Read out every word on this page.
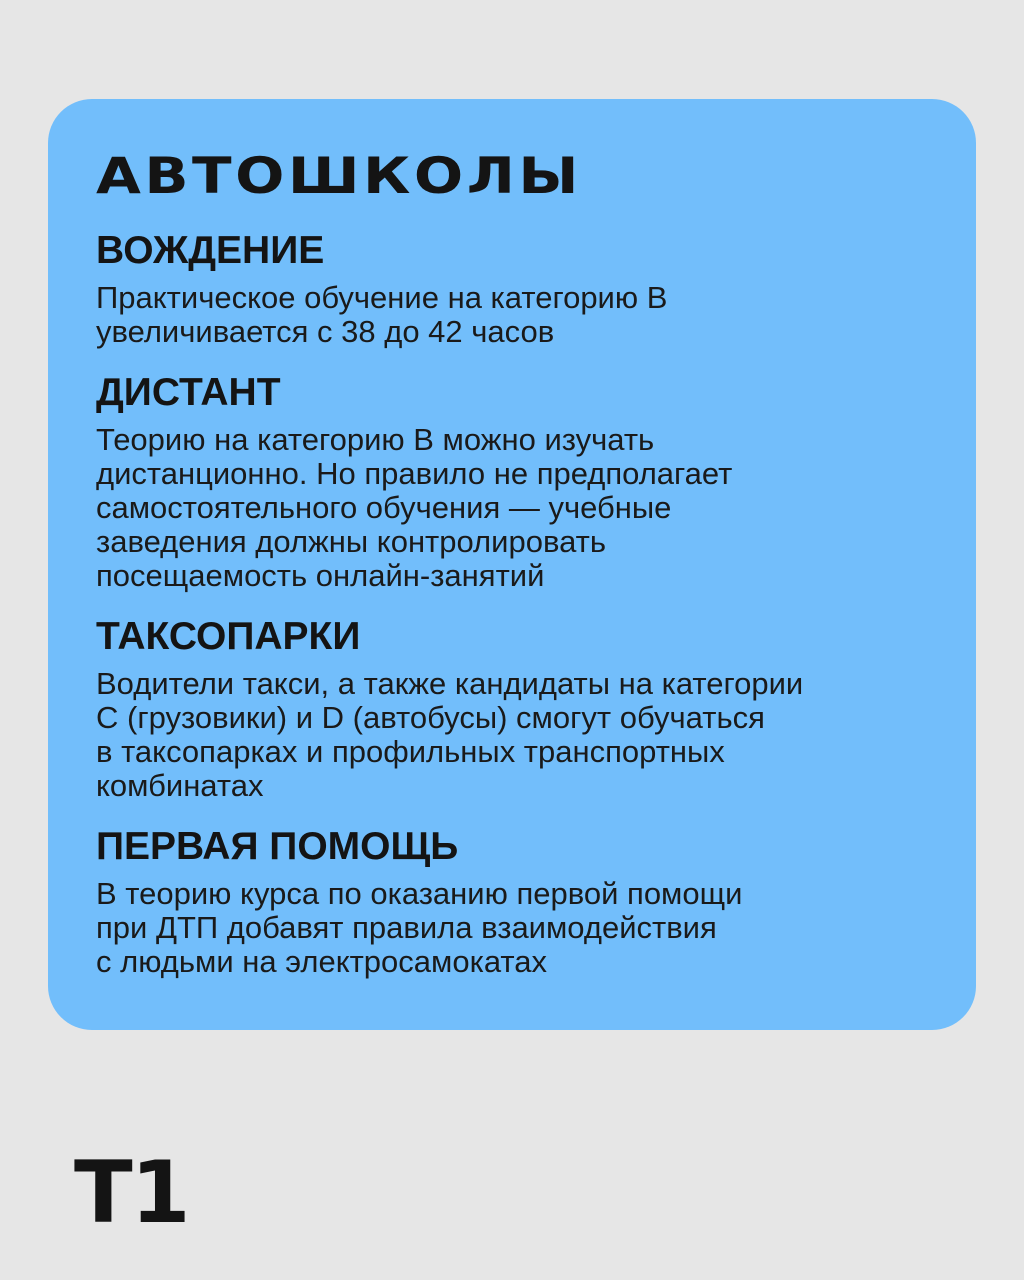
АВТОШКОЛЫ
ВОЖДЕНИЕ

Практическое обучение на категорию В
увеличивается с 38 до 42 часов

ДИСТАНТ

Теорию на категорию В можно изучать
дистанционно. Но правило не предполагает
самостоятельного обучения — учебные
заведения должны контролировать
посещаемость онлайн-занятий

ТАКСОПАРКИ

Водители такси, а также кандидаты на категории
С (грузовики) и D (автобусы) смогут обучаться
в таксопарках и профильных транспортных
комбинатах

ПЕРВАЯ ПОМОЩЬ

В теорию курса по оказанию первой помощи
при ДТП добавят правила взаимодействия
с людьми на электросамокатах

T1
